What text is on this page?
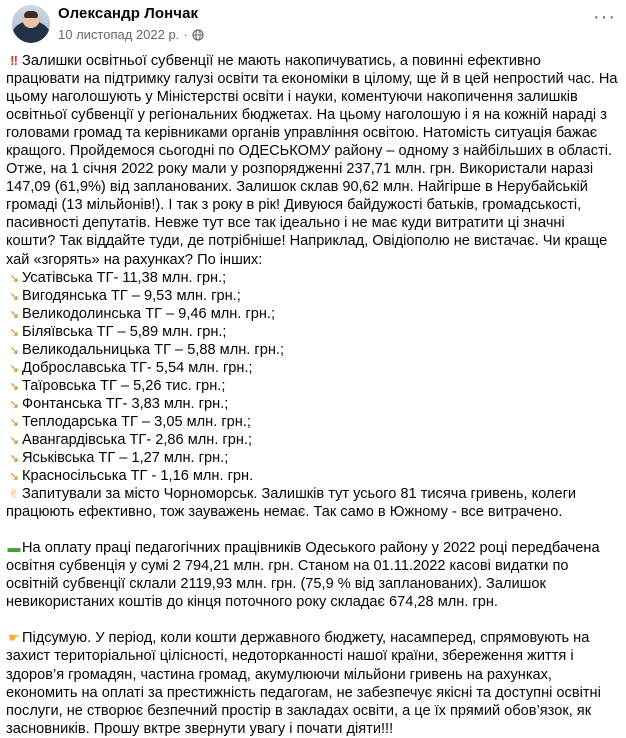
Олександр Лончак
10 листопад 2022 р. ·
···

‼ Залишки освітньої субвенції не мають накопичуватись, а повинні ефективно працювати на підтримку галузі освіти та економіки в цілому, ще й в цей непростий час. На цьому наголошують у Міністерстві освіти і науки, коментуючи накопичення залишків освітньої субвенції у регіональних бюджетах. На цьому наголошую і я на кожній нараді з головами громад та керівниками органів управління освітою. Натомість ситуація бажає кращого. Пройдемося сьогодні по ОДЕСЬКОМУ району – одному з найбільших в області. Отже, на 1 січня 2022 року мали у розпорядженні 237,71 млн. грн. Використали наразі 147,09 (61,9%) від запланованих. Залишок склав 90,62 млн. Найгірше в Нерубайській громаді (13 мільйонів!). І так з року в рік! Дивуюся байдужості батьків, громадськості, пасивності депутатів. Невже тут все так ідеально і не має куди витратити ці значні кошти? Так віддайте туди, де потрібніше! Наприклад, Овідіополю не вистачає. Чи краще хай «згорять» на рахунках? По інших:

↘ Усатівська ТГ- 11,38 млн. грн.;

↘ Вигодянська ТГ – 9,53 млн. грн.;

↘ Великодолинська ТГ – 9,46 млн. грн.;

↘ Біляївська ТГ – 5,89 млн. грн.;

↘ Великодальницька ТГ – 5,88 млн. грн.;

↘ Доброславська ТГ- 5,54 млн. грн.;

↘ Таїровська ТГ – 5,26 тис. грн.;

↘ Фонтанська ТГ- 3,83 млн. грн.;

↘ Теплодарська ТГ – 3,05 млн. грн.;

↘ Авангардівська ТГ- 2,86 млн. грн.;

↘ Яськівська ТГ – 1,27 млн. грн.;

↘ Красносільська ТГ - 1,16 млн. грн.

✌ Запитували за місто Чорноморськ. Залишків тут усього 81 тисяча гривень, колеги працюють ефективно, тож зауважень немає. Так само в Южному - все витрачено.

▬ На оплату праці педагогічних працівників Одеського району у 2022 році передбачена освітня субвенція у сумі 2 794,21 млн. грн. Станом на 01.11.2022 касові видатки по освітній субвенції склали 2119,93 млн. грн. (75,9 % від запланованих). Залишок невикористаних коштів до кінця поточного року складає 674,28 млн. грн.

☛ Підсумую. У період, коли кошти державного бюджету, насамперед, спрямовують на захист територіальної цілісності, недоторканності нашої країни, збереження життя і здоров’я громадян, частина громад, акумулюючи мільйони гривень на рахунках, економить на оплаті за престижність педагогам, не забезпечує якісні та доступні освітні послуги, не створює безпечний простір в закладах освіти, а це їх прямий обов’язок, як засновників. Прошу вктре звернути увагу і почати діяти!!!
